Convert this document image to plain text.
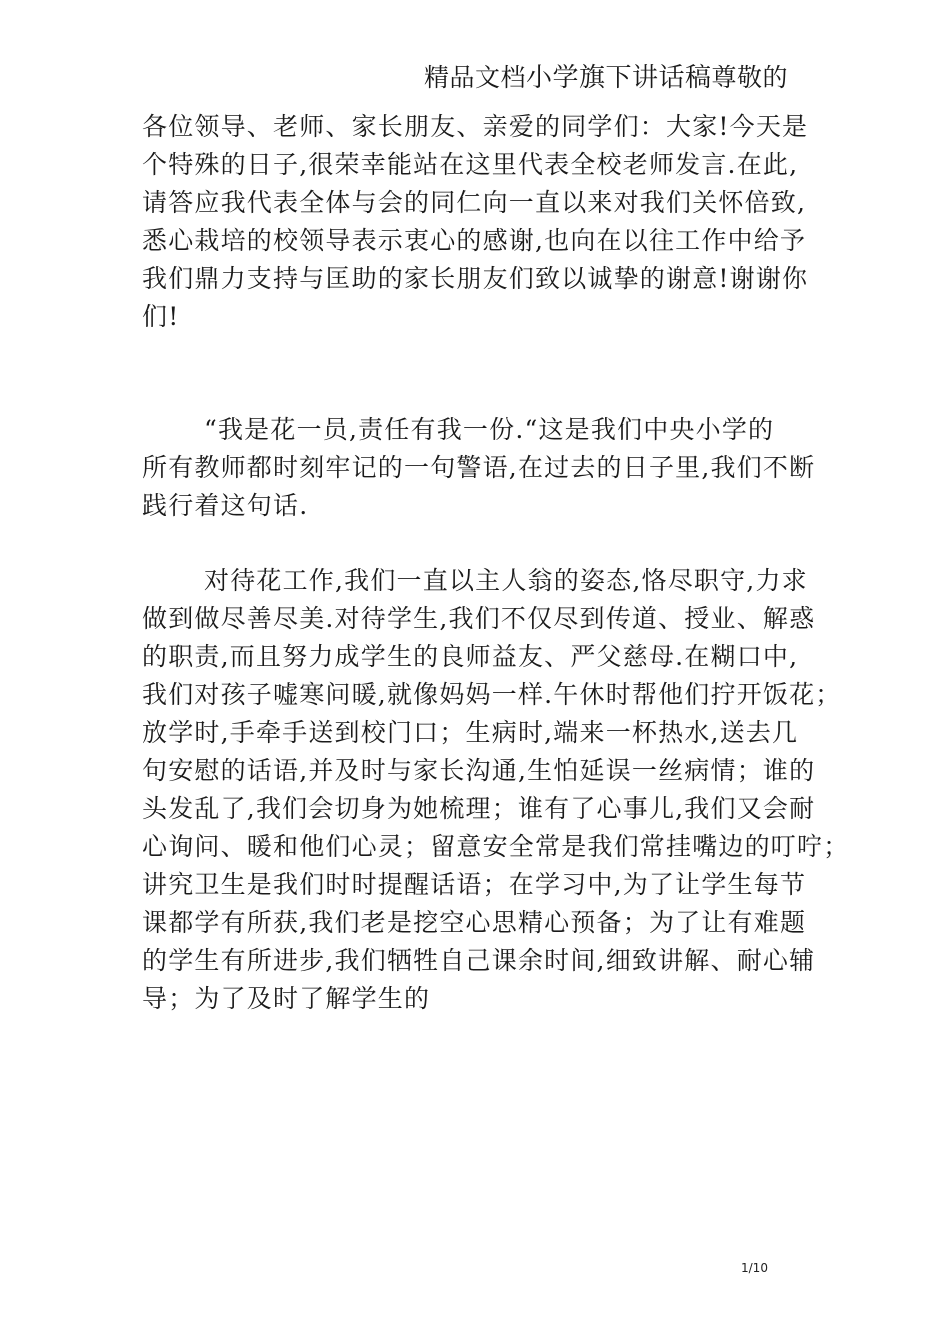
精品文档小学旗下讲话稿尊敬的
各位领导、老师、家长朋友、亲爱的同学们：大家!今天是
个特殊的日子,很荣幸能站在这里代表全校老师发言.在此,
请答应我代表全体与会的同仁向一直以来对我们关怀倍致,
悉心栽培的校领导表示衷心的感谢,也向在以往工作中给予
我们鼎力支持与匡助的家长朋友们致以诚挚的谢意!谢谢你
们!
“我是花一员,责任有我一份.“这是我们中央小学的
所有教师都时刻牢记的一句警语,在过去的日子里,我们不断
践行着这句话.
对待花工作,我们一直以主人翁的姿态,恪尽职守,力求
做到做尽善尽美.对待学生,我们不仅尽到传道、授业、解惑
的职责,而且努力成学生的良师益友、严父慈母.在糊口中,
我们对孩子嘘寒问暖,就像妈妈一样.午休时帮他们拧开饭花；
放学时,手牵手送到校门口；生病时,端来一杯热水,送去几
句安慰的话语,并及时与家长沟通,生怕延误一丝病情；谁的
头发乱了,我们会切身为她梳理；谁有了心事儿,我们又会耐
心询问、暖和他们心灵；留意安全常是我们常挂嘴边的叮咛；
讲究卫生是我们时时提醒话语；在学习中,为了让学生每节
课都学有所获,我们老是挖空心思精心预备；为了让有难题
的学生有所进步,我们牺牲自己课余时间,细致讲解、耐心辅
导；为了及时了解学生的
1/10
